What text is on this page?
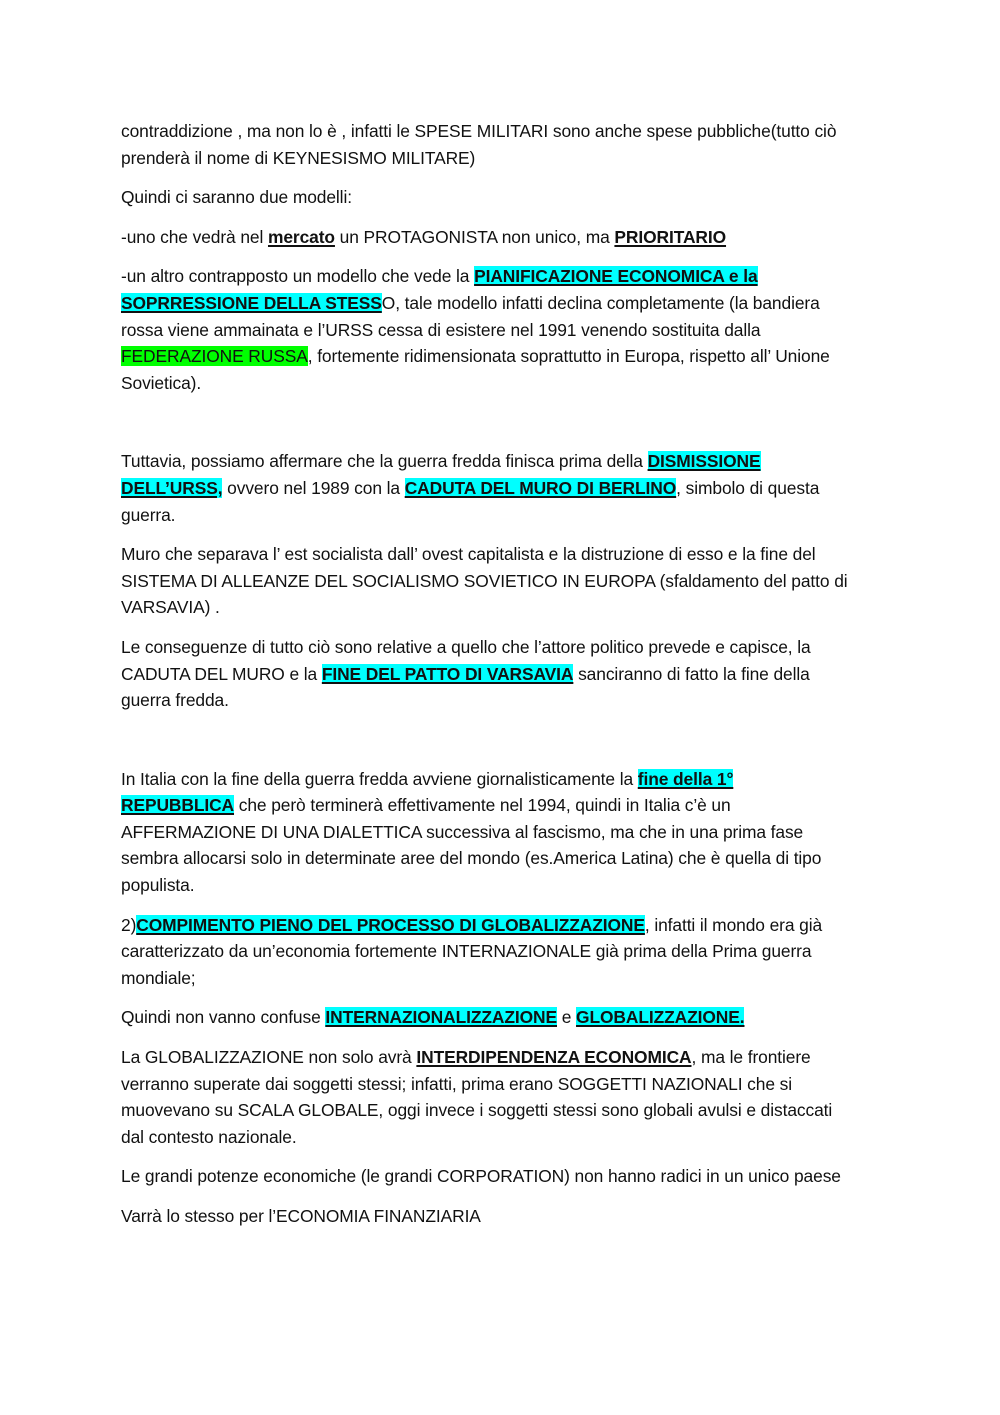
contraddizione , ma non lo è , infatti le SPESE MILITARI sono anche spese pubbliche(tutto ciò
prenderà il nome di KEYNESISMO MILITARE)

Quindi ci saranno due modelli:

-uno che vedrà nel mercato un PROTAGONISTA non unico, ma PRIORITARIO

-un altro contrapposto un modello che vede la PIANIFICAZIONE ECONOMICA e la
SOPRRESSIONE DELLA STESSO, tale modello infatti declina completamente (la bandiera
rossa viene ammainata e l’URSS cessa di esistere nel 1991 venendo sostituita dalla
FEDERAZIONE RUSSA, fortemente ridimensionata soprattutto in Europa, rispetto all’ Unione
Sovietica).

Tuttavia, possiamo affermare che la guerra fredda finisca prima della DISMISSIONE
DELL’URSS, ovvero nel 1989 con la CADUTA DEL MURO DI BERLINO, simbolo di questa
guerra.

Muro che separava l’ est socialista dall’ ovest capitalista e la distruzione di esso e la fine del
SISTEMA DI ALLEANZE DEL SOCIALISMO SOVIETICO IN EUROPA (sfaldamento del patto di
VARSAVIA) .

Le conseguenze di tutto ciò sono relative a quello che l’attore politico prevede e capisce, la
CADUTA DEL MURO e la FINE DEL PATTO DI VARSAVIA sanciranno di fatto la fine della
guerra fredda.

In Italia con la fine della guerra fredda avviene giornalisticamente la fine della 1°
REPUBBLICA che però terminerà effettivamente nel 1994, quindi in Italia c’è un
AFFERMAZIONE DI UNA DIALETTICA successiva al fascismo, ma che in una prima fase
sembra allocarsi solo in determinate aree del mondo (es.America Latina) che è quella di tipo
populista.

2)COMPIMENTO PIENO DEL PROCESSO DI GLOBALIZZAZIONE, infatti il mondo era già
caratterizzato da un’economia fortemente INTERNAZIONALE già prima della Prima guerra
mondiale;

Quindi non vanno confuse INTERNAZIONALIZZAZIONE e GLOBALIZZAZIONE.

La GLOBALIZZAZIONE non solo avrà INTERDIPENDENZA ECONOMICA, ma le frontiere
verranno superate dai soggetti stessi; infatti, prima erano SOGGETTI NAZIONALI che si
muovevano su SCALA GLOBALE, oggi invece i soggetti stessi sono globali avulsi e distaccati
dal contesto nazionale.

Le grandi potenze economiche (le grandi CORPORATION) non hanno radici in un unico paese

Varrà lo stesso per l’ECONOMIA FINANZIARIA
